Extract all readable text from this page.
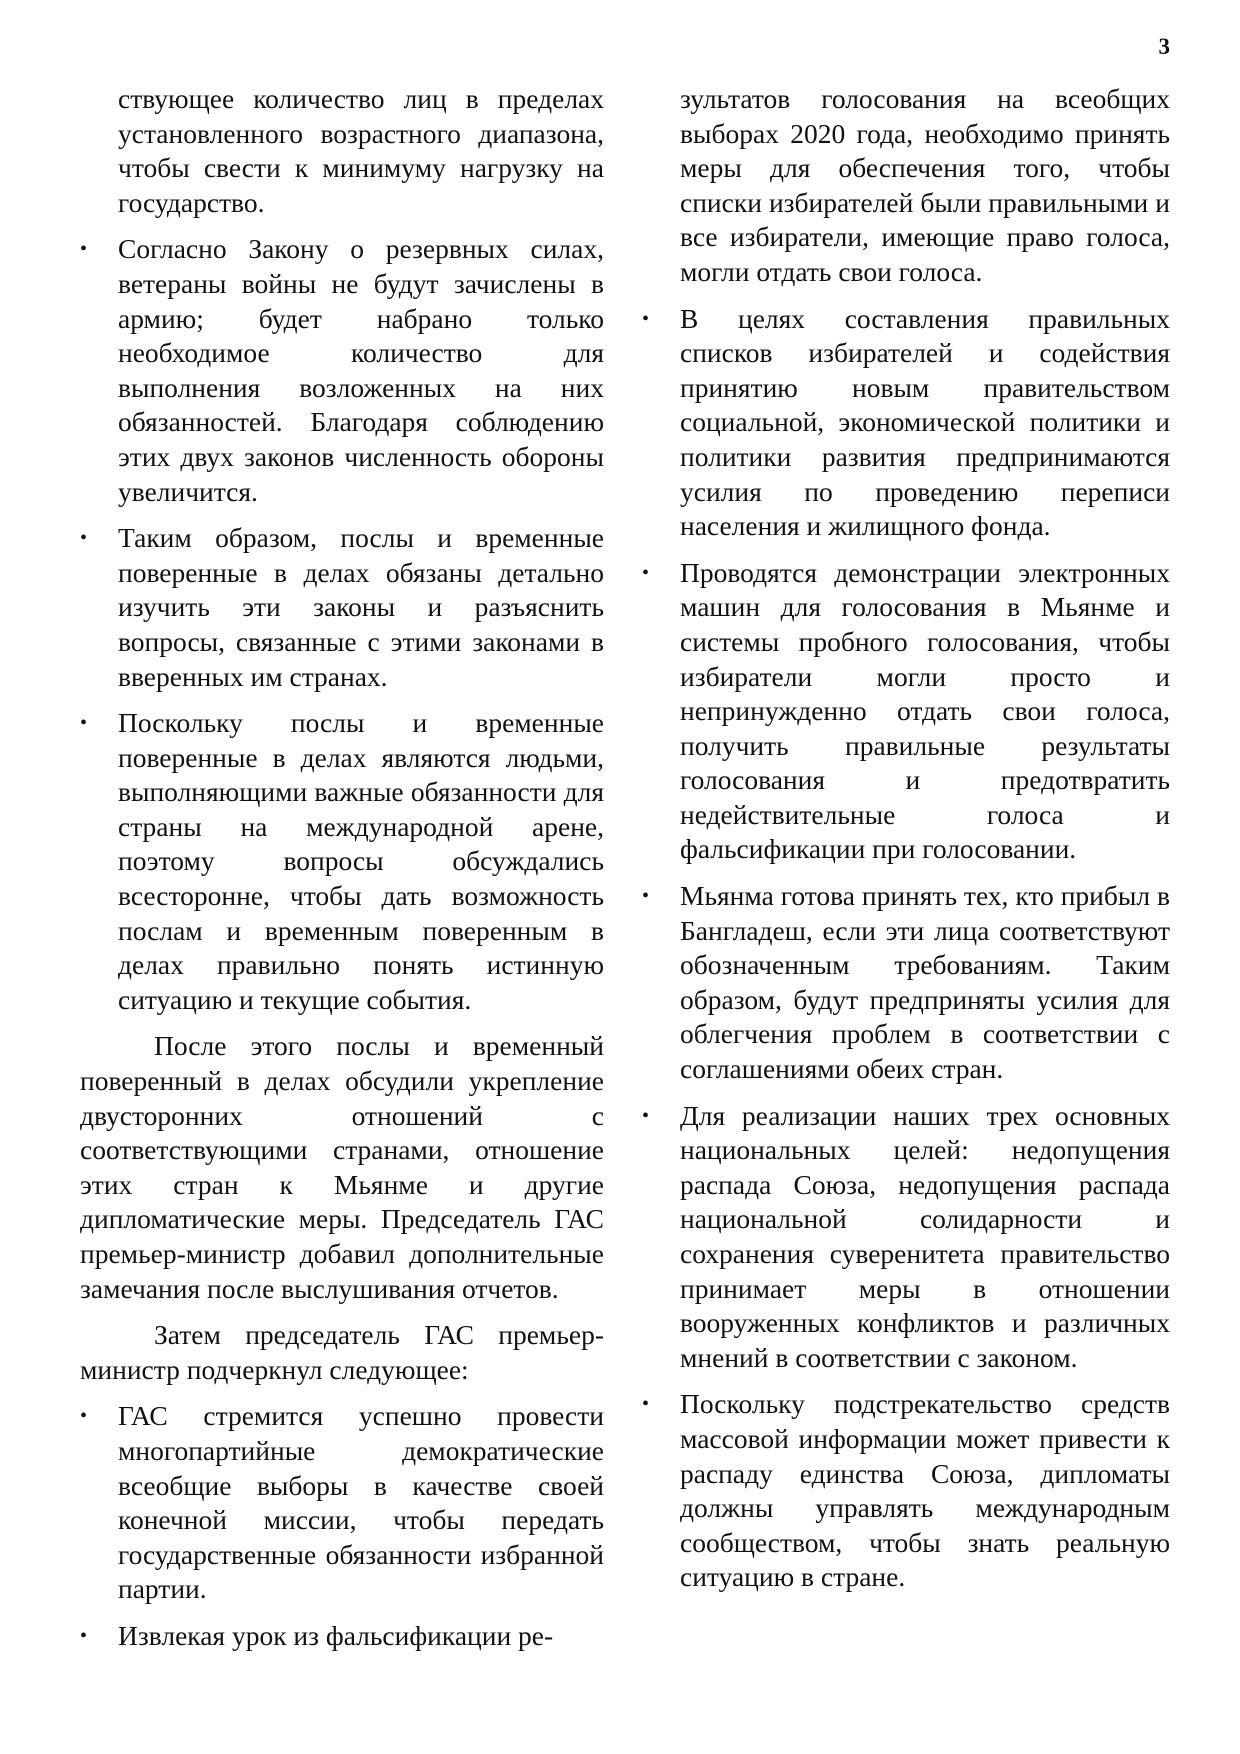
3

ствующее количество лиц в пределах установленного возрастного диапазона, чтобы свести к минимуму нагрузку на государство.

• Согласно Закону о резервных силах, ветераны войны не будут зачислены в армию; будет набрано только необходимое количество для выполнения возложенных на них обязанностей. Благодаря соблюдению этих двух законов численность обороны увеличится.

• Таким образом, послы и временные поверенные в делах обязаны детально изучить эти законы и разъяснить вопросы, связанные с этими законами в вверенных им странах.

• Поскольку послы и временные поверенные в делах являются людьми, выполняющими важные обязанности для страны на международной арене, поэтому вопросы обсуждались всесторонне, чтобы дать возможность послам и временным поверенным в делах правильно понять истинную ситуацию и текущие события.

После этого послы и временный поверенный в делах обсудили укрепление двусторонних отношений с соответствующими странами, отношение этих стран к Мьянме и другие дипломатические меры. Председатель ГАС премьер-министр добавил дополнительные замечания после выслушивания отчетов.

Затем председатель ГАС премьер-министр подчеркнул следующее:

• ГАС стремится успешно провести многопартийные демократические всеобщие выборы в качестве своей конечной миссии, чтобы передать государственные обязанности избранной партии.

• Извлекая урок из фальсификации ре-

зультатов голосования на всеобщих выборах 2020 года, необходимо принять меры для обеспечения того, чтобы списки избирателей были правильными и все избиратели, имеющие право голоса, могли отдать свои голоса.

• В целях составления правильных списков избирателей и содействия принятию новым правительством социальной, экономической политики и политики развития предпринимаются усилия по проведению переписи населения и жилищного фонда.

• Проводятся демонстрации электронных машин для голосования в Мьянме и системы пробного голосования, чтобы избиратели могли просто и непринужденно отдать свои голоса, получить правильные результаты голосования и предотвратить недействительные голоса и фальсификации при голосовании.

• Мьянма готова принять тех, кто прибыл в Бангладеш, если эти лица соответствуют обозначенным требованиям. Таким образом, будут предприняты усилия для облегчения проблем в соответствии с соглашениями обеих стран.

• Для реализации наших трех основных национальных целей: недопущения распада Союза, недопущения распада национальной солидарности и сохранения суверенитета правительство принимает меры в отношении вооруженных конфликтов и различных мнений в соответствии с законом.

• Поскольку подстрекательство средств массовой информации может привести к распаду единства Союза, дипломаты должны управлять международным сообществом, чтобы знать реальную ситуацию в стране.
